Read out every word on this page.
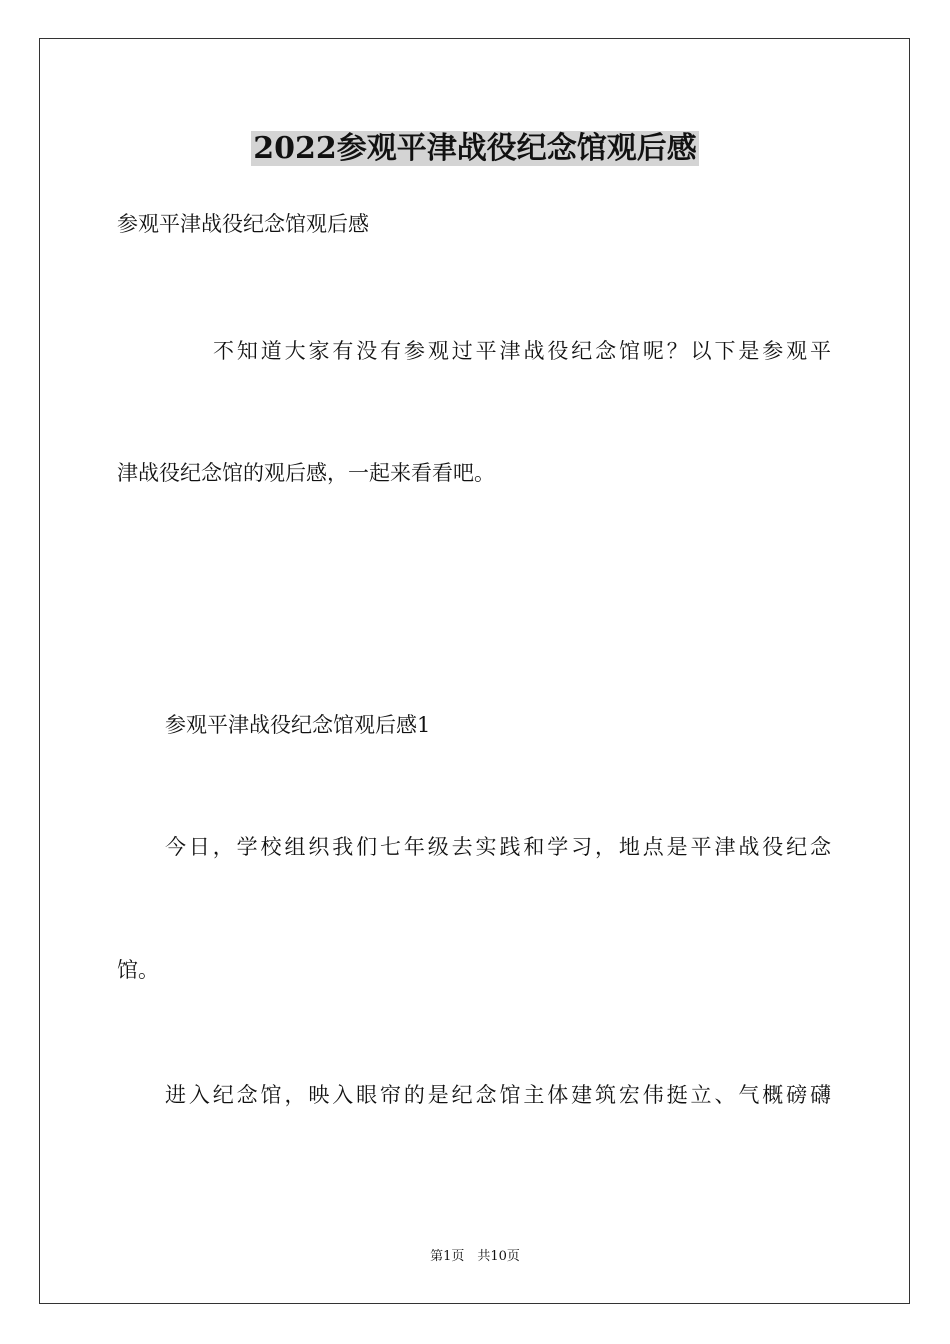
2022参观平津战役纪念馆观后感
参观平津战役纪念馆观后感
不知道大家有没有参观过平津战役纪念馆呢？以下是参观平
津战役纪念馆的观后感，一起来看看吧。
参观平津战役纪念馆观后感1
今日，学校组织我们七年级去实践和学习，地点是平津战役纪念
馆。
进入纪念馆，映入眼帘的是纪念馆主体建筑宏伟挺立、气概磅礴
第1页　共10页
